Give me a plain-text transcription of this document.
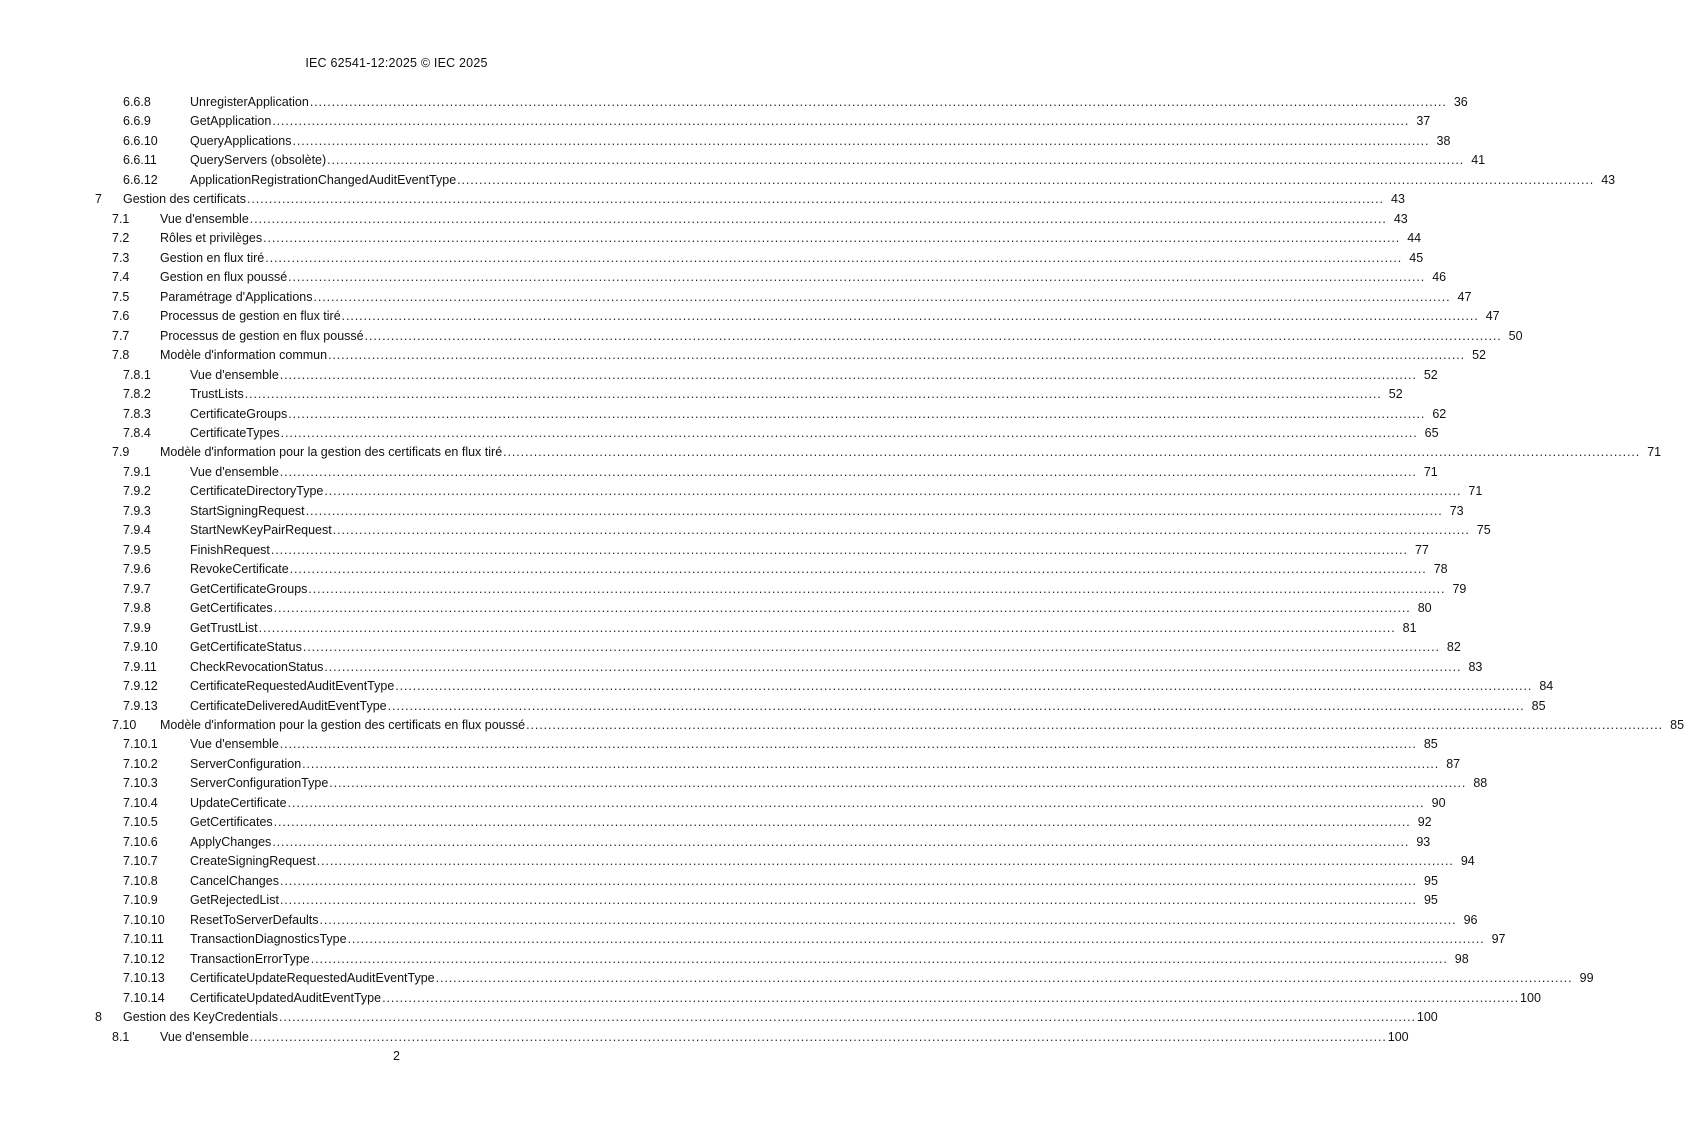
IEC 62541-12:2025 © IEC 2025
6.6.8	UnregisterApplication .................................................................................................................................................................................................................................................................... 36
6.6.9	GetApplication .................................................................................................................................................................................................................................................................... 37
6.6.10	QueryApplications .................................................................................................................................................................................................................................................................... 38
6.6.11	QueryServers (obsolète) .................................................................................................................................................................................................................................................................... 41
6.6.12	ApplicationRegistrationChangedAuditEventType .................................................................................................................................................................................................................................................................... 43
7 Gestion des certificats .................................................................................................................................................................................................................................................................... 43
7.1 Vue d'ensemble .................................................................................................................................................................................................................................................................... 43
7.2 Rôles et privilèges .................................................................................................................................................................................................................................................................... 44
7.3 Gestion en flux tiré .................................................................................................................................................................................................................................................................... 45
7.4 Gestion en flux poussé .................................................................................................................................................................................................................................................................... 46
7.5 Paramétrage d'Applications .................................................................................................................................................................................................................................................................... 47
7.6 Processus de gestion en flux tiré .................................................................................................................................................................................................................................................................... 47
7.7 Processus de gestion en flux poussé .................................................................................................................................................................................................................................................................... 50
7.8 Modèle d'information commun .................................................................................................................................................................................................................................................................... 52
7.8.1	Vue d'ensemble .................................................................................................................................................................................................................................................................... 52
7.8.2	TrustLists .................................................................................................................................................................................................................................................................... 52
7.8.3	CertificateGroups .................................................................................................................................................................................................................................................................... 62
7.8.4	CertificateTypes .................................................................................................................................................................................................................................................................... 65
7.9 Modèle d'information pour la gestion des certificats en flux tiré .................................................................................................................................................................................................................................................................... 71
7.9.1	Vue d'ensemble .................................................................................................................................................................................................................................................................... 71
7.9.2	CertificateDirectoryType .................................................................................................................................................................................................................................................................... 71
7.9.3	StartSigningRequest .................................................................................................................................................................................................................................................................... 73
7.9.4	StartNewKeyPairRequest .................................................................................................................................................................................................................................................................... 75
7.9.5	FinishRequest .................................................................................................................................................................................................................................................................... 77
7.9.6	RevokeCertificate .................................................................................................................................................................................................................................................................... 78
7.9.7	GetCertificateGroups .................................................................................................................................................................................................................................................................... 79
7.9.8	GetCertificates .................................................................................................................................................................................................................................................................... 80
7.9.9	GetTrustList .................................................................................................................................................................................................................................................................... 81
7.9.10	GetCertificateStatus .................................................................................................................................................................................................................................................................... 82
7.9.11	CheckRevocationStatus .................................................................................................................................................................................................................................................................... 83
7.9.12	CertificateRequestedAuditEventType .................................................................................................................................................................................................................................................................... 84
7.9.13	CertificateDeliveredAuditEventType .................................................................................................................................................................................................................................................................... 85
7.10 Modèle d'information pour la gestion des certificats en flux poussé .................................................................................................................................................................................................................................................................... 85
7.10.1	Vue d'ensemble .................................................................................................................................................................................................................................................................... 85
7.10.2	ServerConfiguration .................................................................................................................................................................................................................................................................... 87
7.10.3	ServerConfigurationType .................................................................................................................................................................................................................................................................... 88
7.10.4	UpdateCertificate .................................................................................................................................................................................................................................................................... 90
7.10.5	GetCertificates .................................................................................................................................................................................................................................................................... 92
7.10.6	ApplyChanges .................................................................................................................................................................................................................................................................... 93
7.10.7	CreateSigningRequest .................................................................................................................................................................................................................................................................... 94
7.10.8	CancelChanges .................................................................................................................................................................................................................................................................... 95
7.10.9	GetRejectedList .................................................................................................................................................................................................................................................................... 95
7.10.10 ResetToServerDefaults .................................................................................................................................................................................................................................................................... 96
7.10.11 TransactionDiagnosticsType .................................................................................................................................................................................................................................................................... 97
7.10.12 TransactionErrorType .................................................................................................................................................................................................................................................................... 98
7.10.13 CertificateUpdateRequestedAuditEventType .................................................................................................................................................................................................................................................................... 99
7.10.14 CertificateUpdatedAuditEventType .................................................................................................................................................................................................................................................................... 100
8 Gestion des KeyCredentials .................................................................................................................................................................................................................................................................... 100
8.1 Vue d'ensemble .................................................................................................................................................................................................................................................................... 100
2
